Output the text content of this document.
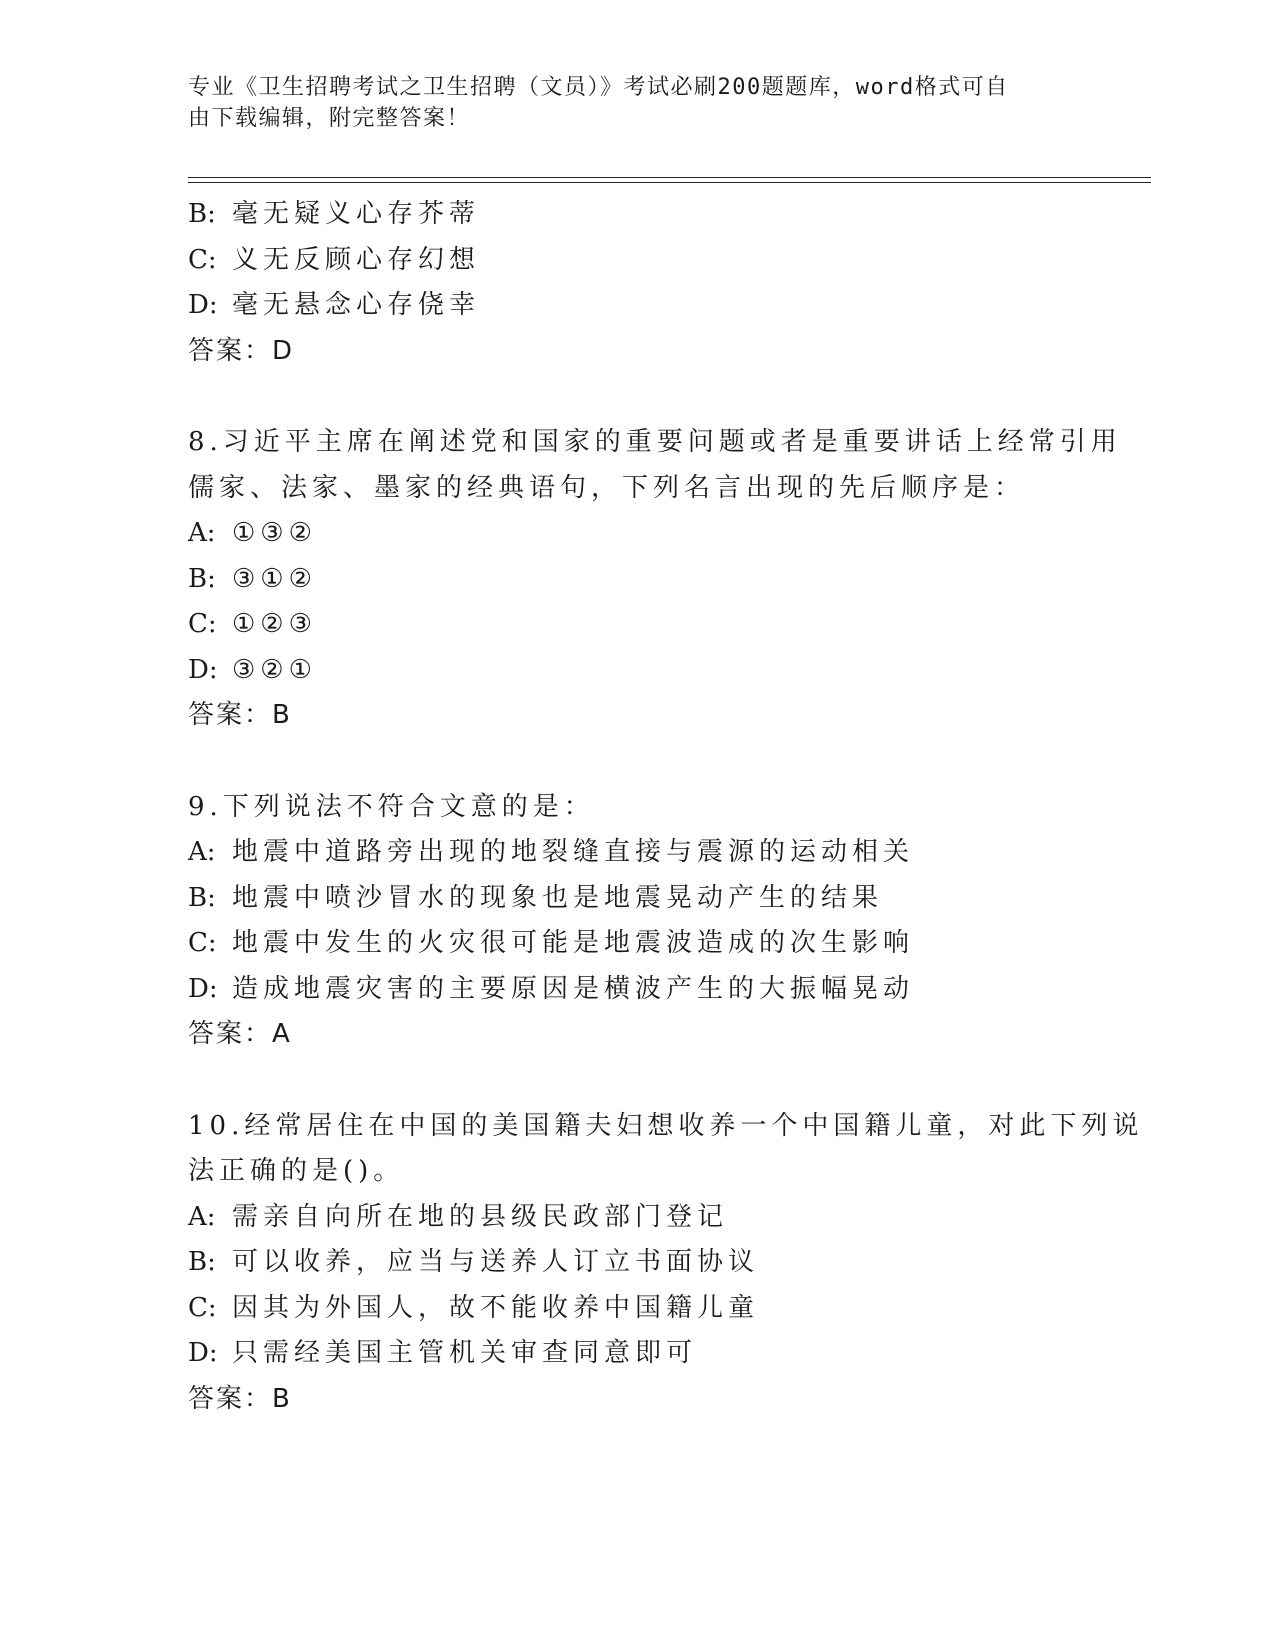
专业《卫生招聘考试之卫生招聘（文员）》考试必刷200题题库，word格式可自
由下载编辑，附完整答案！
B: 毫无疑义心存芥蒂
C: 义无反顾心存幻想
D: 毫无悬念心存侥幸
答案：D
8.习近平主席在阐述党和国家的重要问题或者是重要讲话上经常引用
儒家、法家、墨家的经典语句，下列名言出现的先后顺序是：
A: ①③②
B: ③①②
C: ①②③
D: ③②①
答案：B
9.下列说法不符合文意的是：
A: 地震中道路旁出现的地裂缝直接与震源的运动相关
B: 地震中喷沙冒水的现象也是地震晃动产生的结果
C: 地震中发生的火灾很可能是地震波造成的次生影响
D: 造成地震灾害的主要原因是横波产生的大振幅晃动
答案：A
10.经常居住在中国的美国籍夫妇想收养一个中国籍儿童，对此下列说
法正确的是()。
A: 需亲自向所在地的县级民政部门登记
B: 可以收养，应当与送养人订立书面协议
C: 因其为外国人，故不能收养中国籍儿童
D: 只需经美国主管机关审查同意即可
答案：B
